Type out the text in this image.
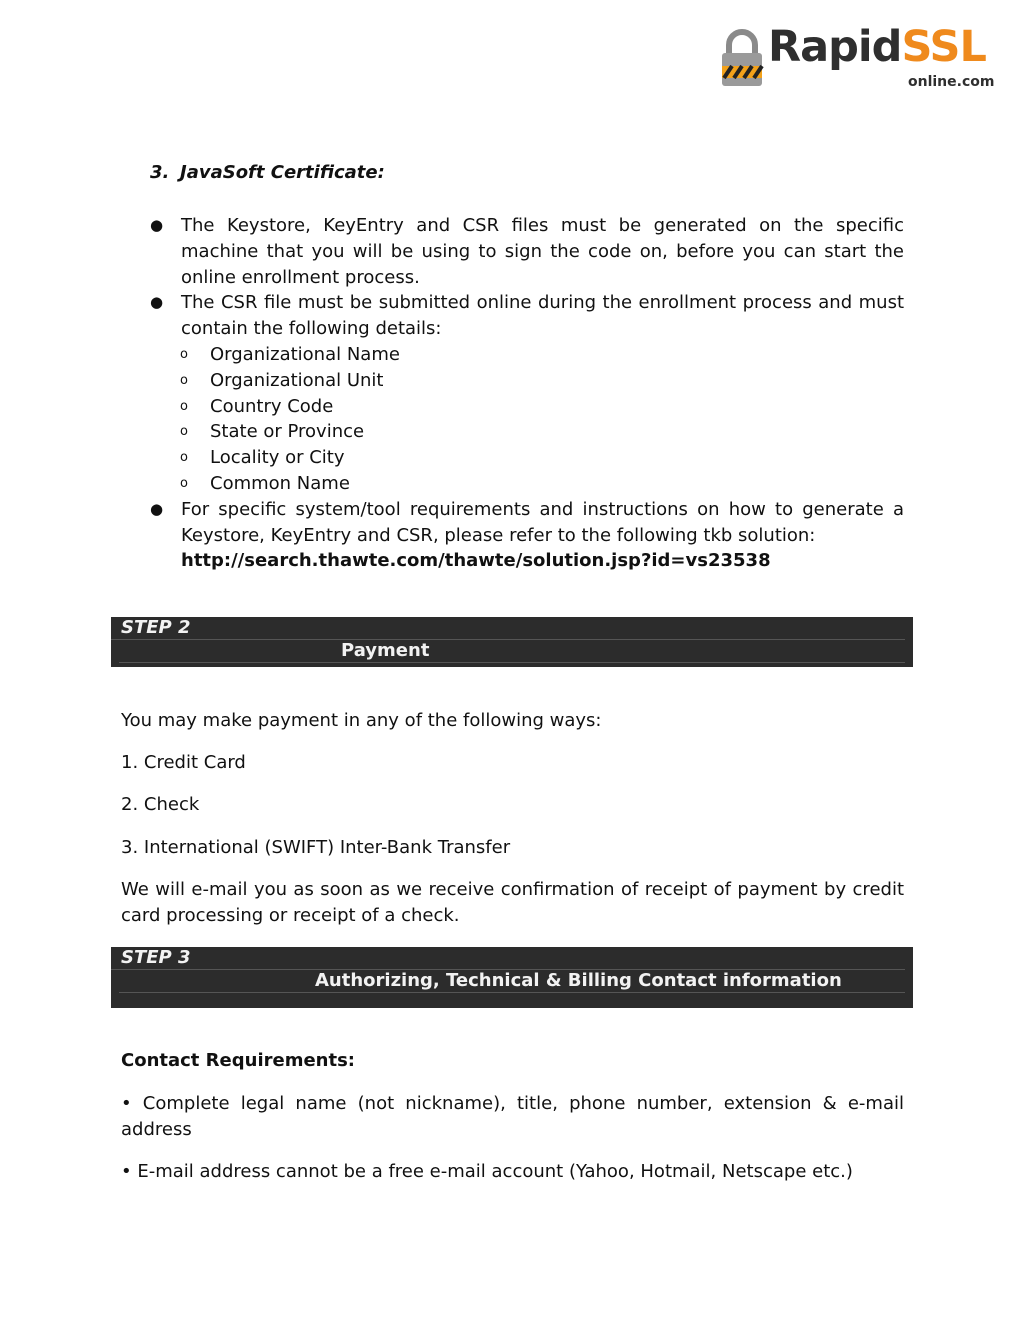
RapidSSL
online.com
3. JavaSoft Certificate:
● The Keystore, KeyEntry and CSR files must be generated on the specific machine that you will be using to sign the code on, before you can start the online enrollment process.
● The CSR file must be submitted online during the enrollment process and must contain the following details:
o Organizational Name
o Organizational Unit
o Country Code
o State or Province
o Locality or City
o Common Name
● For specific system/tool requirements and instructions on how to generate a Keystore, KeyEntry and CSR, please refer to the following tkb solution:
http://search.thawte.com/thawte/solution.jsp?id=vs23538
STEP 2
Payment
You may make payment in any of the following ways:
1. Credit Card
2. Check
3. International (SWIFT) Inter-Bank Transfer
We will e-mail you as soon as we receive confirmation of receipt of payment by credit card processing or receipt of a check.
STEP 3
Authorizing, Technical & Billing Contact information
Contact Requirements:
• Complete legal name (not nickname), title, phone number, extension & e-mail address
• E-mail address cannot be a free e-mail account (Yahoo, Hotmail, Netscape etc.)
